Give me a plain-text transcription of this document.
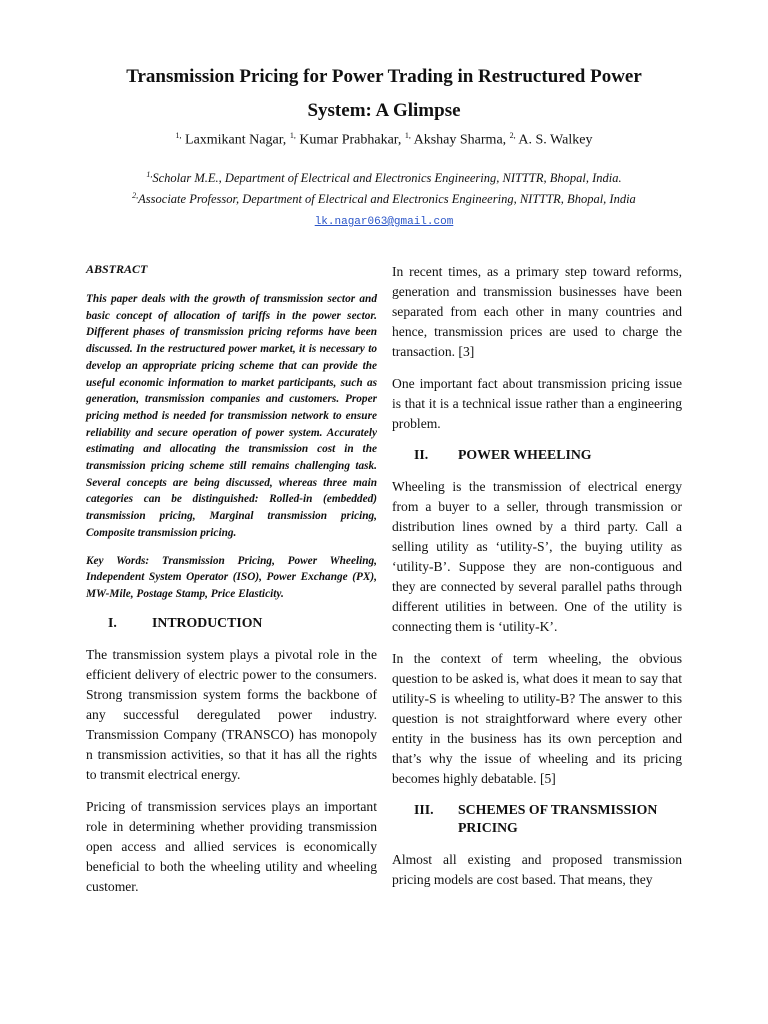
Transmission Pricing for Power Trading in Restructured Power
System: A Glimpse
$^{1,}$ Laxmikant Nagar, $^{1,}$ Kumar Prabhakar, $^{1,}$ Akshay Sharma, $^{2,}$ A. S. Walkey
$^{1,}$Scholar M.E., Department of Electrical and Electronics Engineering, NITTTR, Bhopal, India.
$^{2,}$Associate Professor, Department of Electrical and Electronics Engineering, NITTTR, Bhopal, India
lk.nagar063@gmail.com
ABSTRACT

This paper deals with the growth of transmission sector and basic concept of allocation of tariffs in the power sector. Different phases of transmission pricing reforms have been discussed. In the restructured power market, it is necessary to develop an appropriate pricing scheme that can provide the useful economic information to market participants, such as generation, transmission companies and customers. Proper pricing method is needed for transmission network to ensure reliability and secure operation of power system. Accurately estimating and allocating the transmission cost in the transmission pricing scheme still remains challenging task. Several concepts are being discussed, whereas three main categories can be distinguished: Rolled-in (embedded) transmission pricing, Marginal transmission pricing, Composite transmission pricing.

Key Words: Transmission Pricing, Power Wheeling, Independent System Operator (ISO), Power Exchange (PX), MW-Mile, Postage Stamp, Price Elasticity.

I.	INTRODUCTION

The transmission system plays a pivotal role in the efficient delivery of electric power to the consumers. Strong transmission system forms the backbone of any successful deregulated power industry. Transmission Company (TRANSCO) has monopoly n transmission activities, so that it has all the rights to transmit electrical energy.

Pricing of transmission services plays an important role in determining whether providing transmission open access and allied services is economically beneficial to both the wheeling utility and wheeling customer.

In recent times, as a primary step toward reforms, generation and transmission businesses have been separated from each other in many countries and hence, transmission prices are used to charge the transaction. [3]

One important fact about transmission pricing issue is that it is a technical issue rather than a engineering problem.

II.	POWER WHEELING

Wheeling is the transmission of electrical energy from a buyer to a seller, through transmission or distribution lines owned by a third party. Call a selling utility as ‘utility-S’, the buying utility as ‘utility-B’. Suppose they are non-contiguous and they are connected by several parallel paths through different utilities in between. One of the utility is connecting them is ‘utility-K’.

In the context of term wheeling, the obvious question to be asked is, what does it mean to say that utility-S is wheeling to utility-B? The answer to this question is not straightforward where every other entity in the business has its own perception and that’s why the issue of wheeling and its pricing becomes highly debatable. [5]

III.	SCHEMES OF TRANSMISSION PRICING

Almost all existing and proposed transmission pricing models are cost based. That means, they
